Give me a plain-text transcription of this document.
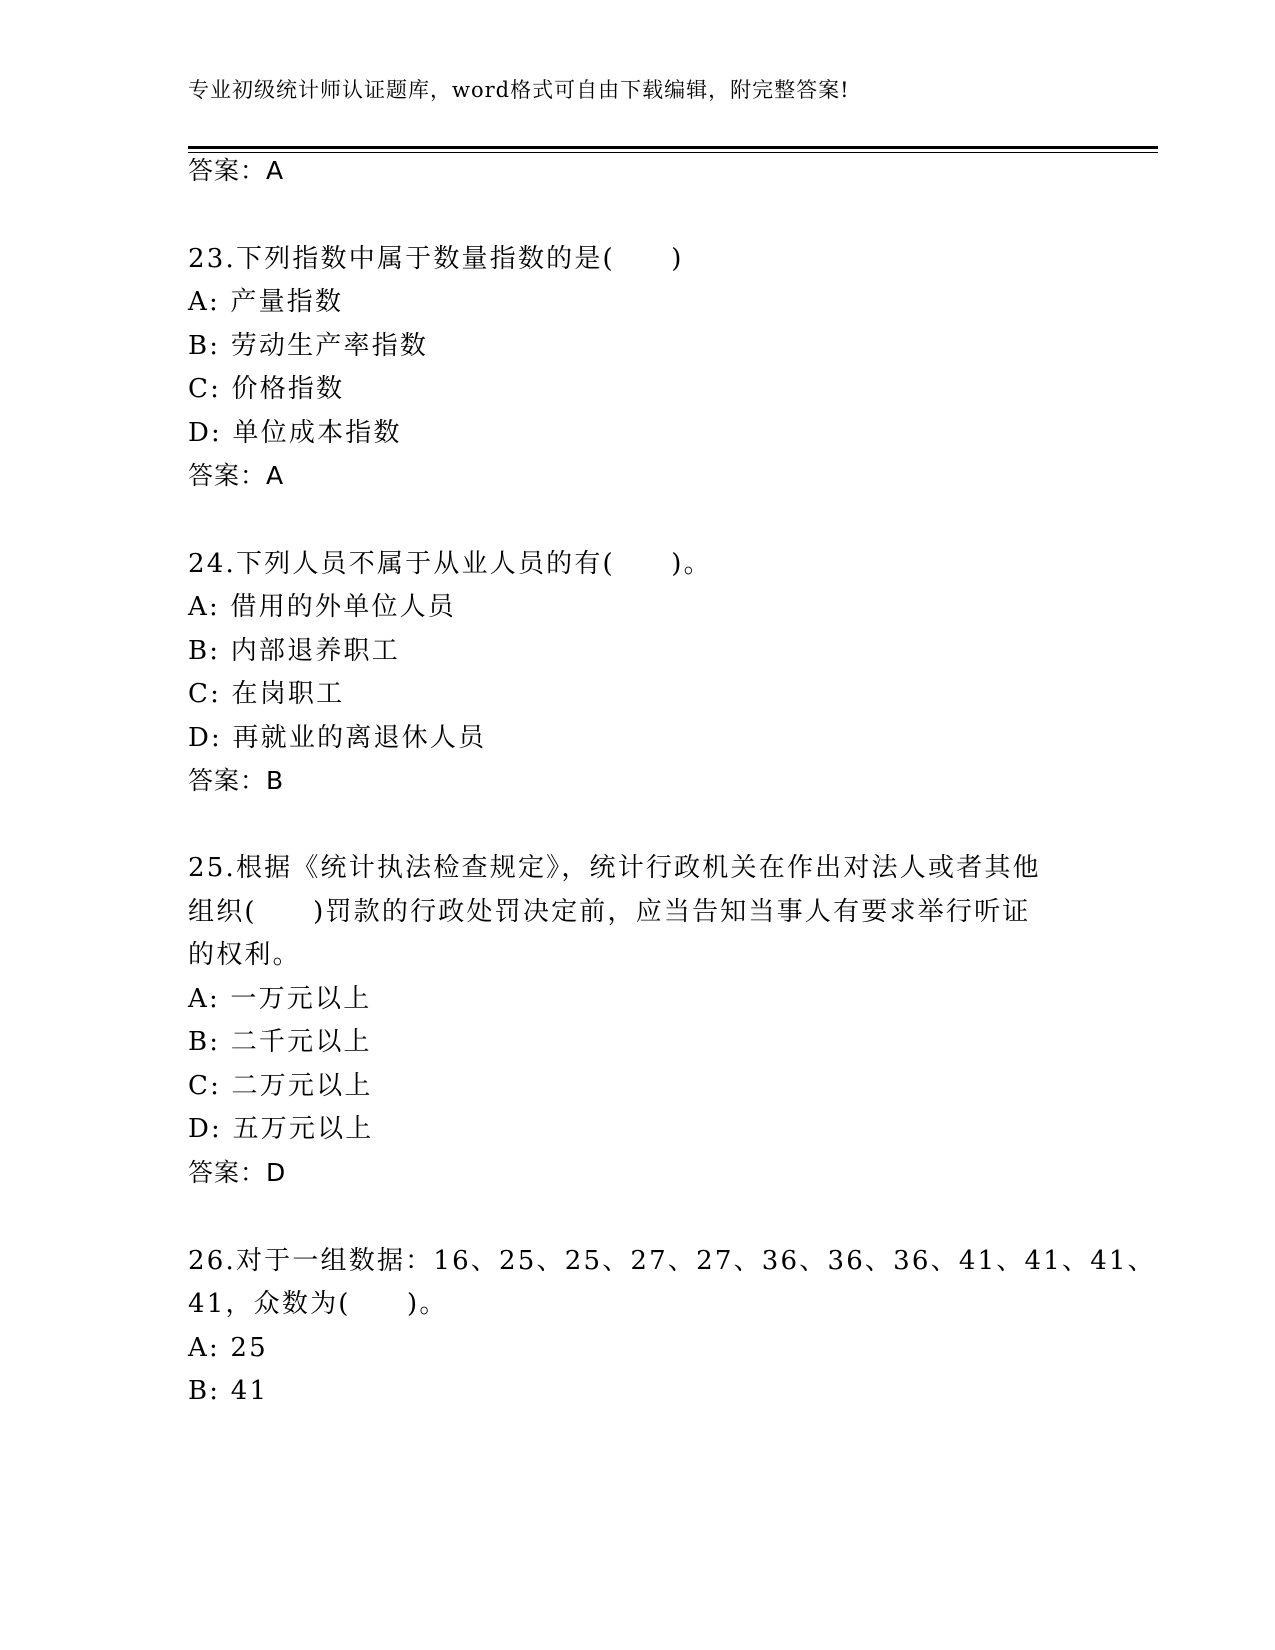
专业初级统计师认证题库，word格式可自由下载编辑，附完整答案!
答案：A
23.下列指数中属于数量指数的是(　　)
A: 产量指数
B: 劳动生产率指数
C: 价格指数
D: 单位成本指数
答案：A
24.下列人员不属于从业人员的有(　　)。
A: 借用的外单位人员
B: 内部退养职工
C: 在岗职工
D: 再就业的离退休人员
答案：B
25.根据《统计执法检查规定》，统计行政机关在作出对法人或者其他
组织(　　)罚款的行政处罚决定前，应当告知当事人有要求举行听证
的权利。
A: 一万元以上
B: 二千元以上
C: 二万元以上
D: 五万元以上
答案：D
26.对于一组数据：16、25、25、27、27、36、36、36、41、41、41、
41，众数为(　　)。
A: 25
B: 41
